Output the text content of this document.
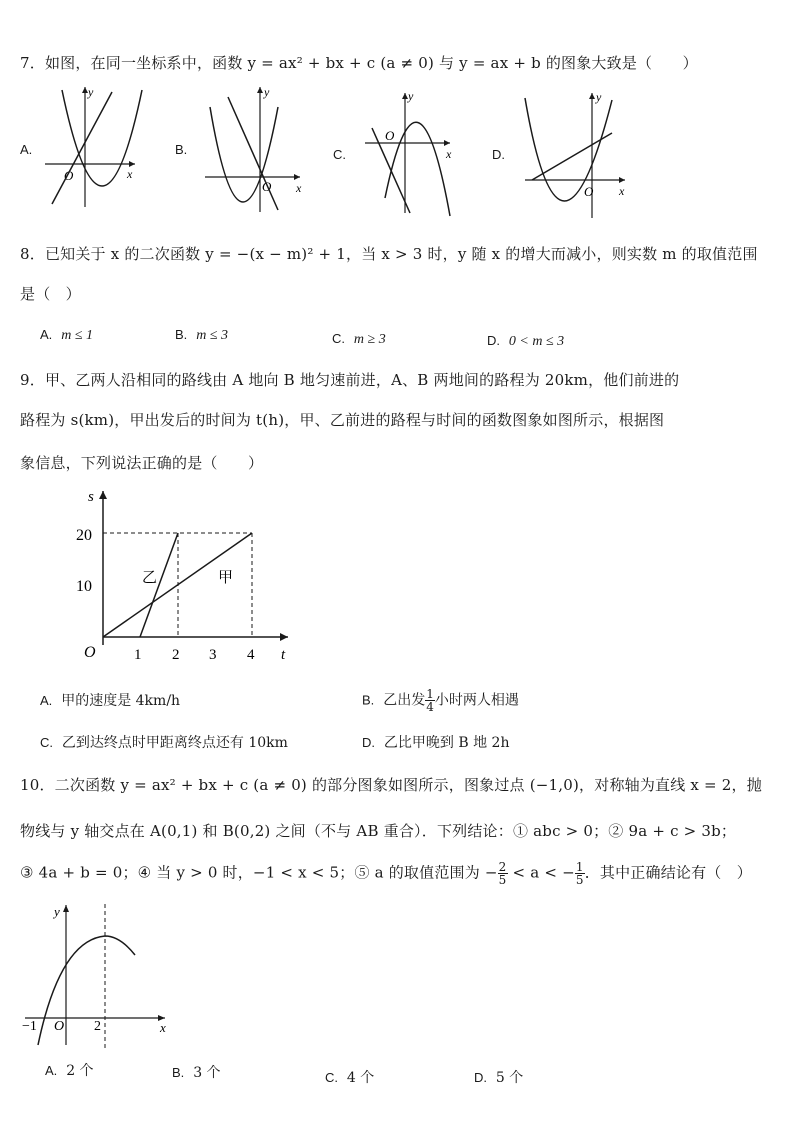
7．如图，在同一坐标系中，函数 y = ax² + bx + c (a ≠ 0) 与 y = ax + b 的图象大致是（　　）
A.
y
x
O
B.
y
x
O
C.
y
x
O
D.
y
x
O
8．已知关于 x 的二次函数 y = −(x − m)² + 1，当 x > 3 时，y 随 x 的增大而减小，则实数 m 的取值范围
是（　）
A. m ≤ 1	B. m ≤ 3	C. m ≥ 3	D. 0 < m ≤ 3
9．甲、乙两人沿相同的路线由 A 地向 B 地匀速前进，A、B 两地间的路程为 20km，他们前进的
路程为 s(km)，甲出发后的时间为 t(h)，甲、乙前进的路程与时间的函数图象如图所示，根据图
象信息，下列说法正确的是（　　）
s
t
O
20
10
1 2 3 4
乙	甲
A. 甲的速度是 4km/h	B. 乙出发 $\frac{1}{4}$ 小时两人相遇
C. 乙到达终点时甲距离终点还有 10km	D. 乙比甲晚到 B 地 2h
10．二次函数 y = ax² + bx + c (a ≠ 0) 的部分图象如图所示，图象过点 (−1,0)，对称轴为直线 x = 2，抛
物线与 y 轴交点在 A(0,1) 和 B(0,2) 之间（不与 AB 重合）．下列结论：① abc > 0；② 9a + c > 3b；
③ 4a + b = 0；④ 当 y > 0 时，−1 < x < 5；⑤ a 的取值范围为 − $\frac{2}{5} < a$ < − $\frac{1}{5}$ ．其中正确结论有（　）
y
x
−1 O 2
A. 2 个	B. 3 个	C. 4 个	D. 5 个
